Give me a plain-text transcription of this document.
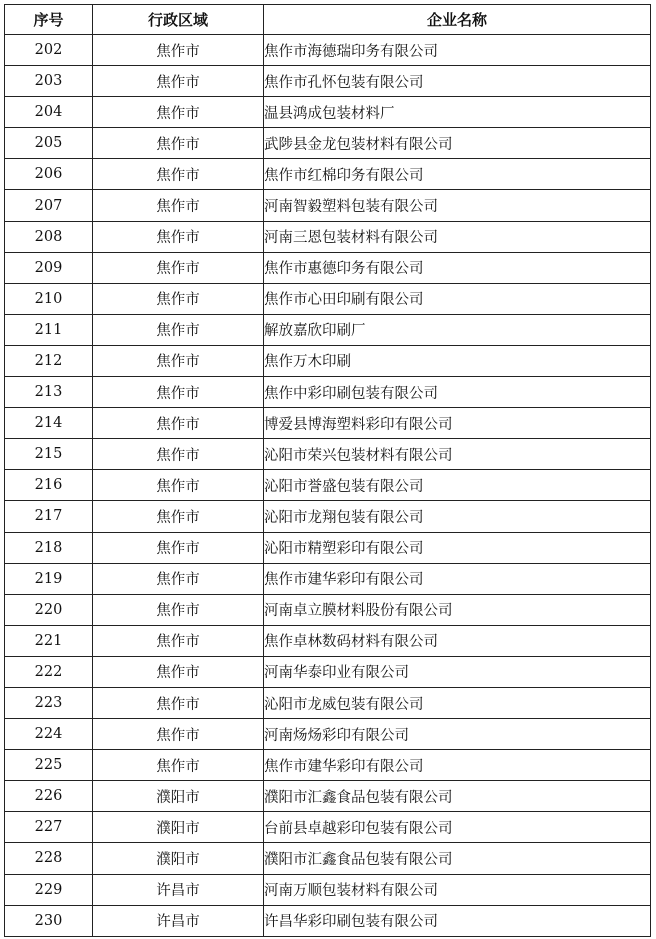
序号	行政区域	企业名称
202	焦作市	焦作市海德瑞印务有限公司
203	焦作市	焦作市孔怀包装有限公司
204	焦作市	温县鸿成包装材料厂
205	焦作市	武陟县金龙包装材料有限公司
206	焦作市	焦作市红棉印务有限公司
207	焦作市	河南智毅塑料包装有限公司
208	焦作市	河南三恩包装材料有限公司
209	焦作市	焦作市惠德印务有限公司
210	焦作市	焦作市心田印刷有限公司
211	焦作市	解放嘉欣印刷厂
212	焦作市	焦作万木印刷
213	焦作市	焦作中彩印刷包装有限公司
214	焦作市	博爱县博海塑料彩印有限公司
215	焦作市	沁阳市荣兴包装材料有限公司
216	焦作市	沁阳市誉盛包装有限公司
217	焦作市	沁阳市龙翔包装有限公司
218	焦作市	沁阳市精塑彩印有限公司
219	焦作市	焦作市建华彩印有限公司
220	焦作市	河南卓立膜材料股份有限公司
221	焦作市	焦作卓林数码材料有限公司
222	焦作市	河南华泰印业有限公司
223	焦作市	沁阳市龙威包装有限公司
224	焦作市	河南炀炀彩印有限公司
225	焦作市	焦作市建华彩印有限公司
226	濮阳市	濮阳市汇鑫食品包装有限公司
227	濮阳市	台前县卓越彩印包装有限公司
228	濮阳市	濮阳市汇鑫食品包装有限公司
229	许昌市	河南万顺包装材料有限公司
230	许昌市	许昌华彩印刷包装有限公司
